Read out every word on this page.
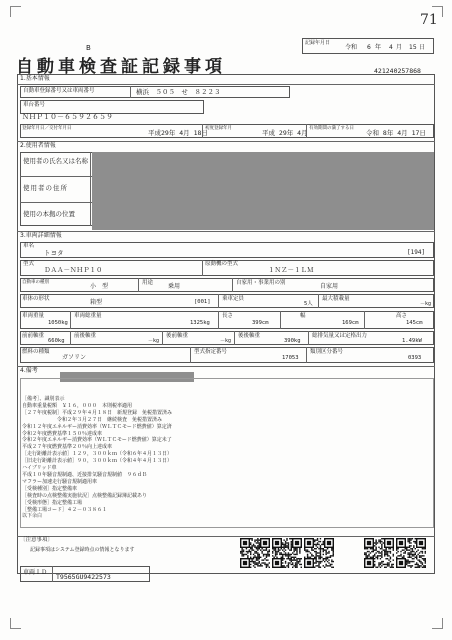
71
記録年月日
令和 6 年 4 月 15 日
B
自動車検査証記録事項	421240257868
1.基本情報
自動車登録番号又は車両番号	横浜　５０５　せ　８２２３
車台番号
ＮＨＰ１０－６５９２６５９
登録年月日／交付年月日
平成29年 4月 18日
初度登録年月
平成 29年 4月
有効期間の満了する日
令和 8年 4月 17日
2.使用者情報
使用者の氏名又は名称
使用者の住所
使用の本拠の位置
3.車両詳細情報
車名
トヨタ	[194]
型式
ＤＡＡ－ＮＨＰ１０
原動機の型式
１ＮＺ－１ＬＭ
自動車の種別
小　型	用途 乗用	自家用・事業用の別	自家用
車体の形状	箱型	[001] 乗車定員
5人
最大積載量
－kg
車両重量
1050kg
車両総重量
1325kg
長さ
399cm
幅
169cm
高さ
145cm
前前軸重
660kg
前後軸重
－kg
後前軸重
－kg
後後軸重
390kg
総排気量又は定格出力
1.49kW
燃料の種類
ガソリン
型式指定番号
17053
類別区分番号
0393
4.備考
［備考］、識別表示
自動車重量税額　￥１６，０００　本則税率適用
［２７年度税制］平成２９年４月１８日　新規登録　免税措置済み
　　　　　　　令和２年３月２７日　継続検査　免税措置済み
令和１２年度エネルギー消費効率（ＷＬＴＣモード燃費値）算定済
令和２年度燃費基準１５０％達成車
令和２年度エネルギー消費効率（ＷＬＴＣモード燃費値）算定未了
平成２７年度燃費基準２０％向上達成車
［走行距離計表示値］１２９，３００ｋｍ（令和６年４月１３日）
［旧走行距離計表示値］９０，３００ｋｍ（令和４年４月１３日）
ハイブリッド車
平成１０年騒音規制適、近接排気騒音規制値　９６ｄＢ
マフラー加速走行騒音規制適用車
［受検種別］指定整備車
［検査時の点検整備実施状況］点検整備記録簿記載あり
［受検形態］指定整備工場
［整備工場コード］４２－０３８６１
以下余白
〔注意事項〕
記録事項はシステム登録時点の情報となります
車両ＩＤ
T9565GU9422573
